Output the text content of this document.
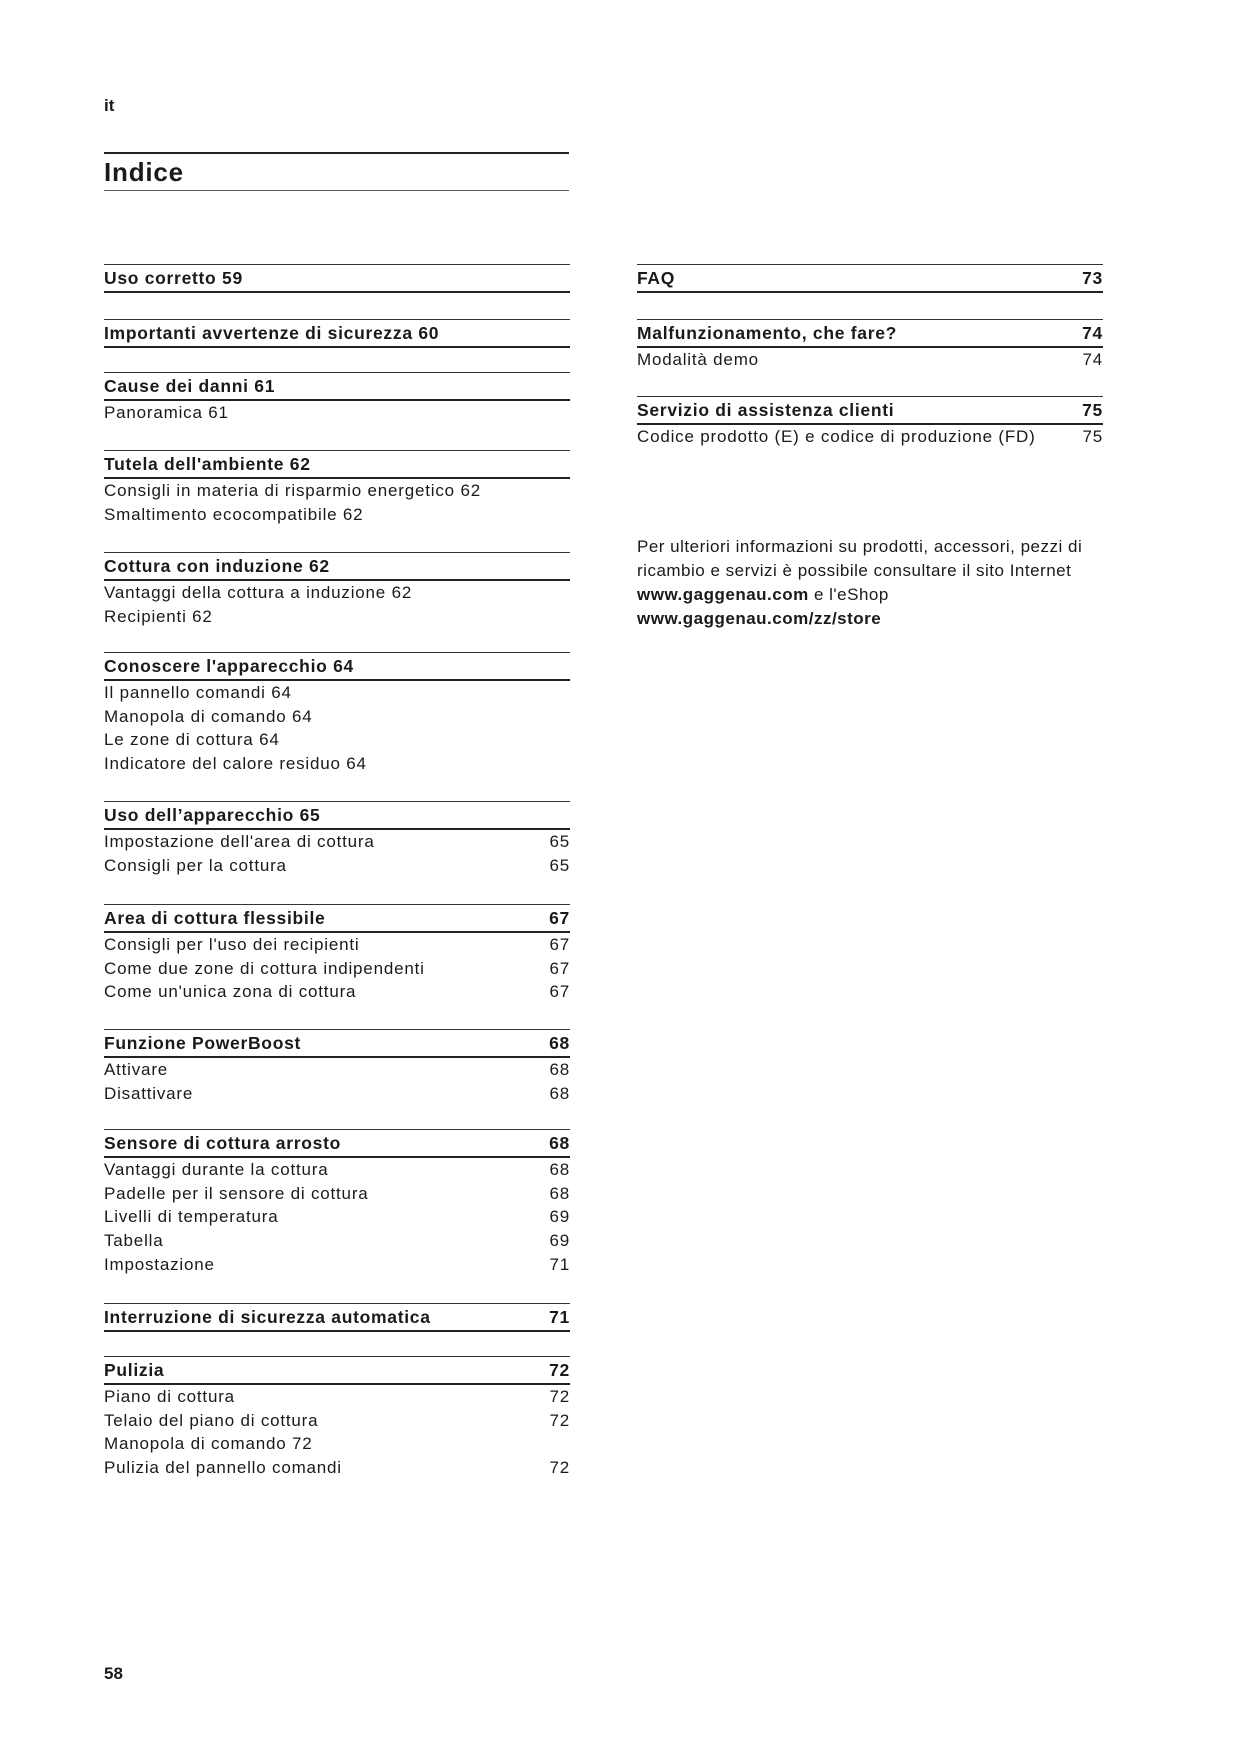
it
Indice
Uso corretto 59
Importanti avvertenze di sicurezza 60
Cause dei danni 61
Panoramica 61
Tutela dell'ambiente 62
Consigli in materia di risparmio energetico 62
Smaltimento ecocompatibile 62
Cottura con induzione 62
Vantaggi della cottura a induzione 62
Recipienti 62
Conoscere l'apparecchio 64
Il pannello comandi 64
Manopola di comando 64
Le zone di cottura 64
Indicatore del calore residuo 64
Uso dell’apparecchio 65
Impostazione dell'area di cottura	65
Consigli per la cottura	65
Area di cottura flessibile	67
Consigli per l'uso dei recipienti	67
Come due zone di cottura indipendenti	67
Come un'unica zona di cottura	67
Funzione PowerBoost	68
Attivare	68
Disattivare	68
Sensore di cottura arrosto	68
Vantaggi durante la cottura	68
Padelle per il sensore di cottura	68
Livelli di temperatura	69
Tabella	69
Impostazione	71
Interruzione di sicurezza automatica	71
Pulizia	72
Piano di cottura	72
Telaio del piano di cottura	72
Manopola di comando 72
Pulizia del pannello comandi	72
FAQ	73
Malfunzionamento, che fare?	74
Modalità demo	74
Servizio di assistenza clienti	75
Codice prodotto (E) e codice di produzione (FD)	75
Per ulteriori informazioni su prodotti, accessori, pezzi di ricambio e servizi è possibile consultare il sito Internet
www.gaggenau.com e l'eShop
www.gaggenau.com/zz/store
58
